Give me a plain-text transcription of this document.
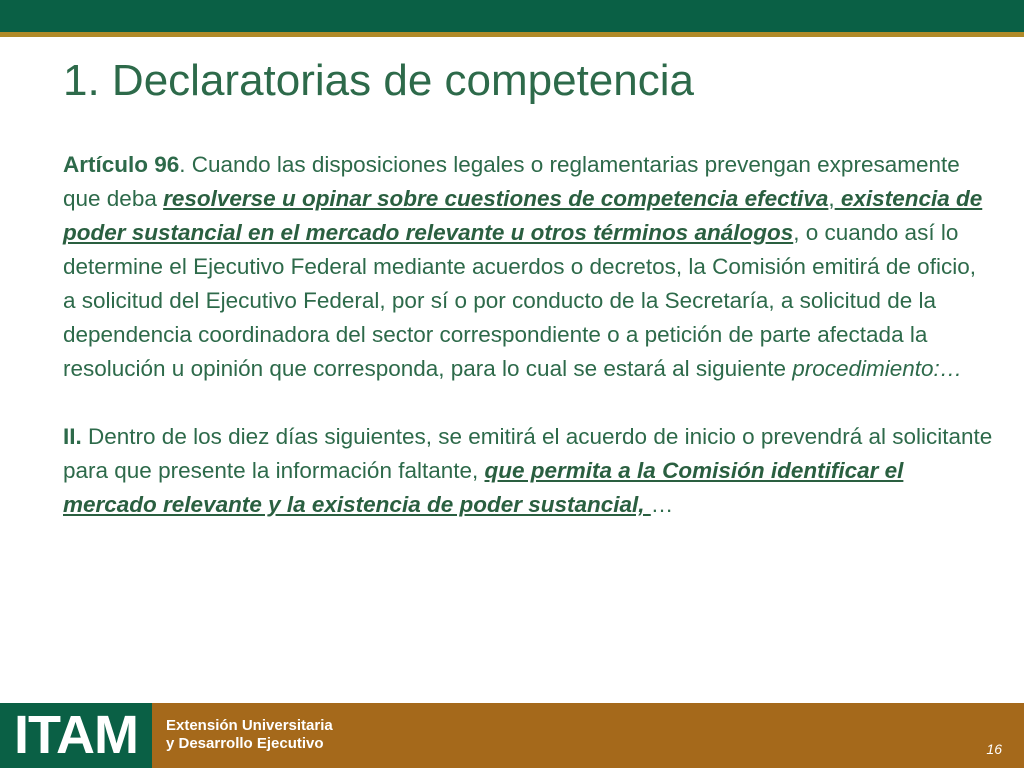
1. Declaratorias de competencia

Artículo 96. Cuando las disposiciones legales o reglamentarias prevengan expresamente que deba resolverse u opinar sobre cuestiones de competencia efectiva, existencia de poder sustancial en el mercado relevante u otros términos análogos, o cuando así lo determine el Ejecutivo Federal mediante acuerdos o decretos, la Comisión emitirá de oficio, a solicitud del Ejecutivo Federal, por sí o por conducto de la Secretaría, a solicitud de la dependencia coordinadora del sector correspondiente o a petición de parte afectada la resolución u opinión que corresponda, para lo cual se estará al siguiente procedimiento:…

II. Dentro de los diez días siguientes, se emitirá el acuerdo de inicio o prevendrá al solicitante para que presente la información faltante, que permita a la Comisión identificar el mercado relevante y la existencia de poder sustancial, …

ITAM	Extensión Universitaria
y Desarrollo Ejecutivo	16
